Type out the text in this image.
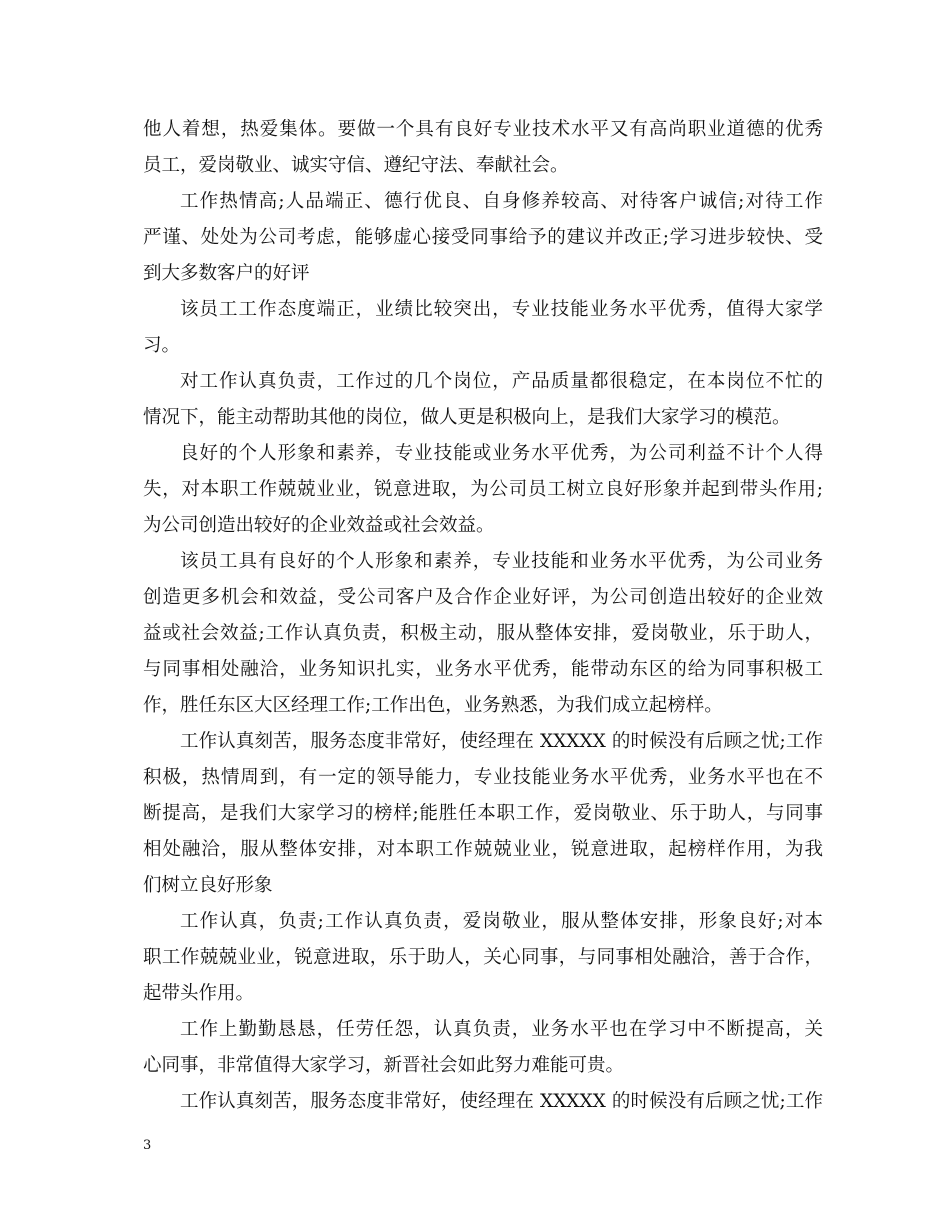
他人着想，热爱集体。要做一个具有良好专业技术水平又有高尚职业道德的优秀
员工，爱岗敬业、诚实守信、遵纪守法、奉献社会。
工作热情高;人品端正、德行优良、自身修养较高、对待客户诚信;对待工作
严谨、处处为公司考虑，能够虚心接受同事给予的建议并改正;学习进步较快、受
到大多数客户的好评
该员工工作态度端正，业绩比较突出，专业技能业务水平优秀，值得大家学
习。
对工作认真负责，工作过的几个岗位，产品质量都很稳定，在本岗位不忙的
情况下，能主动帮助其他的岗位，做人更是积极向上，是我们大家学习的模范。
良好的个人形象和素养，专业技能或业务水平优秀，为公司利益不计个人得
失，对本职工作兢兢业业，锐意进取，为公司员工树立良好形象并起到带头作用;
为公司创造出较好的企业效益或社会效益。
该员工具有良好的个人形象和素养，专业技能和业务水平优秀，为公司业务
创造更多机会和效益，受公司客户及合作企业好评，为公司创造出较好的企业效
益或社会效益;工作认真负责，积极主动，服从整体安排，爱岗敬业，乐于助人，
与同事相处融洽，业务知识扎实，业务水平优秀，能带动东区的给为同事积极工
作，胜任东区大区经理工作;工作出色，业务熟悉，为我们成立起榜样。
工作认真刻苦，服务态度非常好，使经理在 XXXXX 的时候没有后顾之忧;工作
积极，热情周到，有一定的领导能力，专业技能业务水平优秀，业务水平也在不
断提高，是我们大家学习的榜样;能胜任本职工作，爱岗敬业、乐于助人，与同事
相处融洽，服从整体安排，对本职工作兢兢业业，锐意进取，起榜样作用，为我
们树立良好形象
工作认真，负责;工作认真负责，爱岗敬业，服从整体安排，形象良好;对本
职工作兢兢业业，锐意进取，乐于助人，关心同事，与同事相处融洽，善于合作，
起带头作用。
工作上勤勤恳恳，任劳任怨，认真负责，业务水平也在学习中不断提高，关
心同事，非常值得大家学习，新晋社会如此努力难能可贵。
工作认真刻苦，服务态度非常好，使经理在 XXXXX 的时候没有后顾之忧;工作
3
